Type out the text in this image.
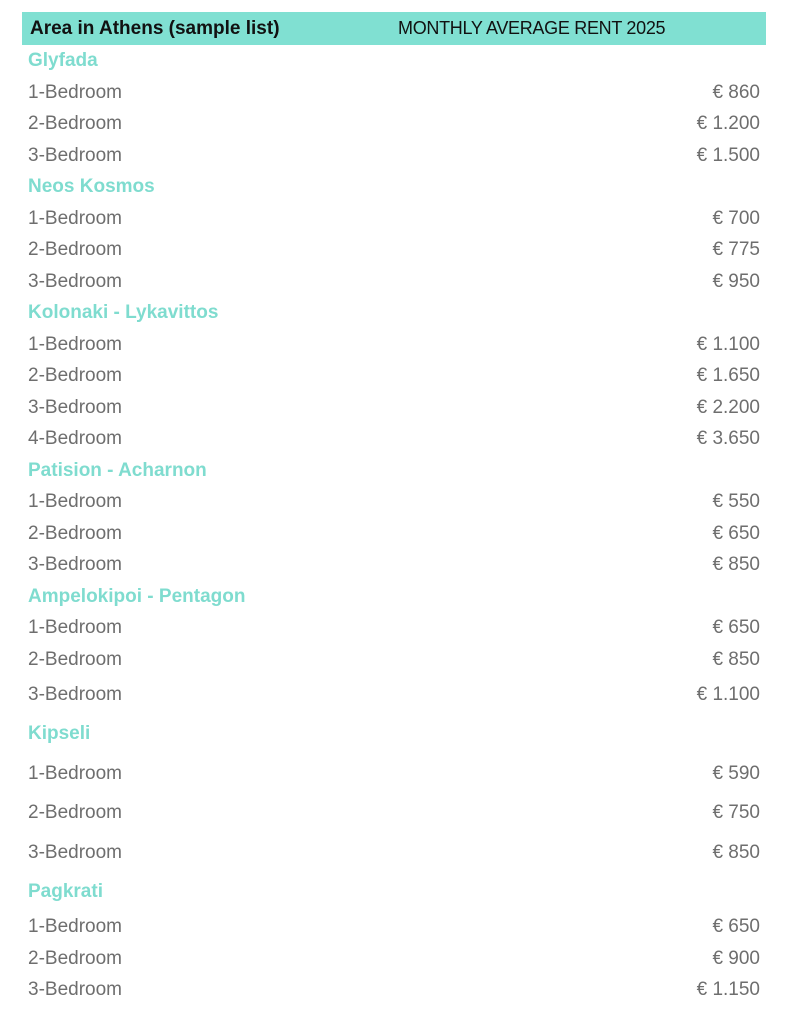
Area in Athens (sample list)	MONTHLY AVERAGE RENT 2025
Glyfada
1-Bedroom	€ 860
2-Bedroom	€ 1.200
3-Bedroom	€ 1.500
Neos Kosmos
1-Bedroom	€ 700
2-Bedroom	€ 775
3-Bedroom	€ 950
Kolonaki - Lykavittos
1-Bedroom	€ 1.100
2-Bedroom	€ 1.650
3-Bedroom	€ 2.200
4-Bedroom	€ 3.650
Patision - Acharnon
1-Bedroom	€ 550
2-Bedroom	€ 650
3-Bedroom	€ 850
Ampelokipoi - Pentagon
1-Bedroom	€ 650
2-Bedroom	€ 850
3-Bedroom	€ 1.100
Kipseli
1-Bedroom	€ 590
2-Bedroom	€ 750
3-Bedroom	€ 850
Pagkrati
1-Bedroom	€ 650
2-Bedroom	€ 900
3-Bedroom	€ 1.150
